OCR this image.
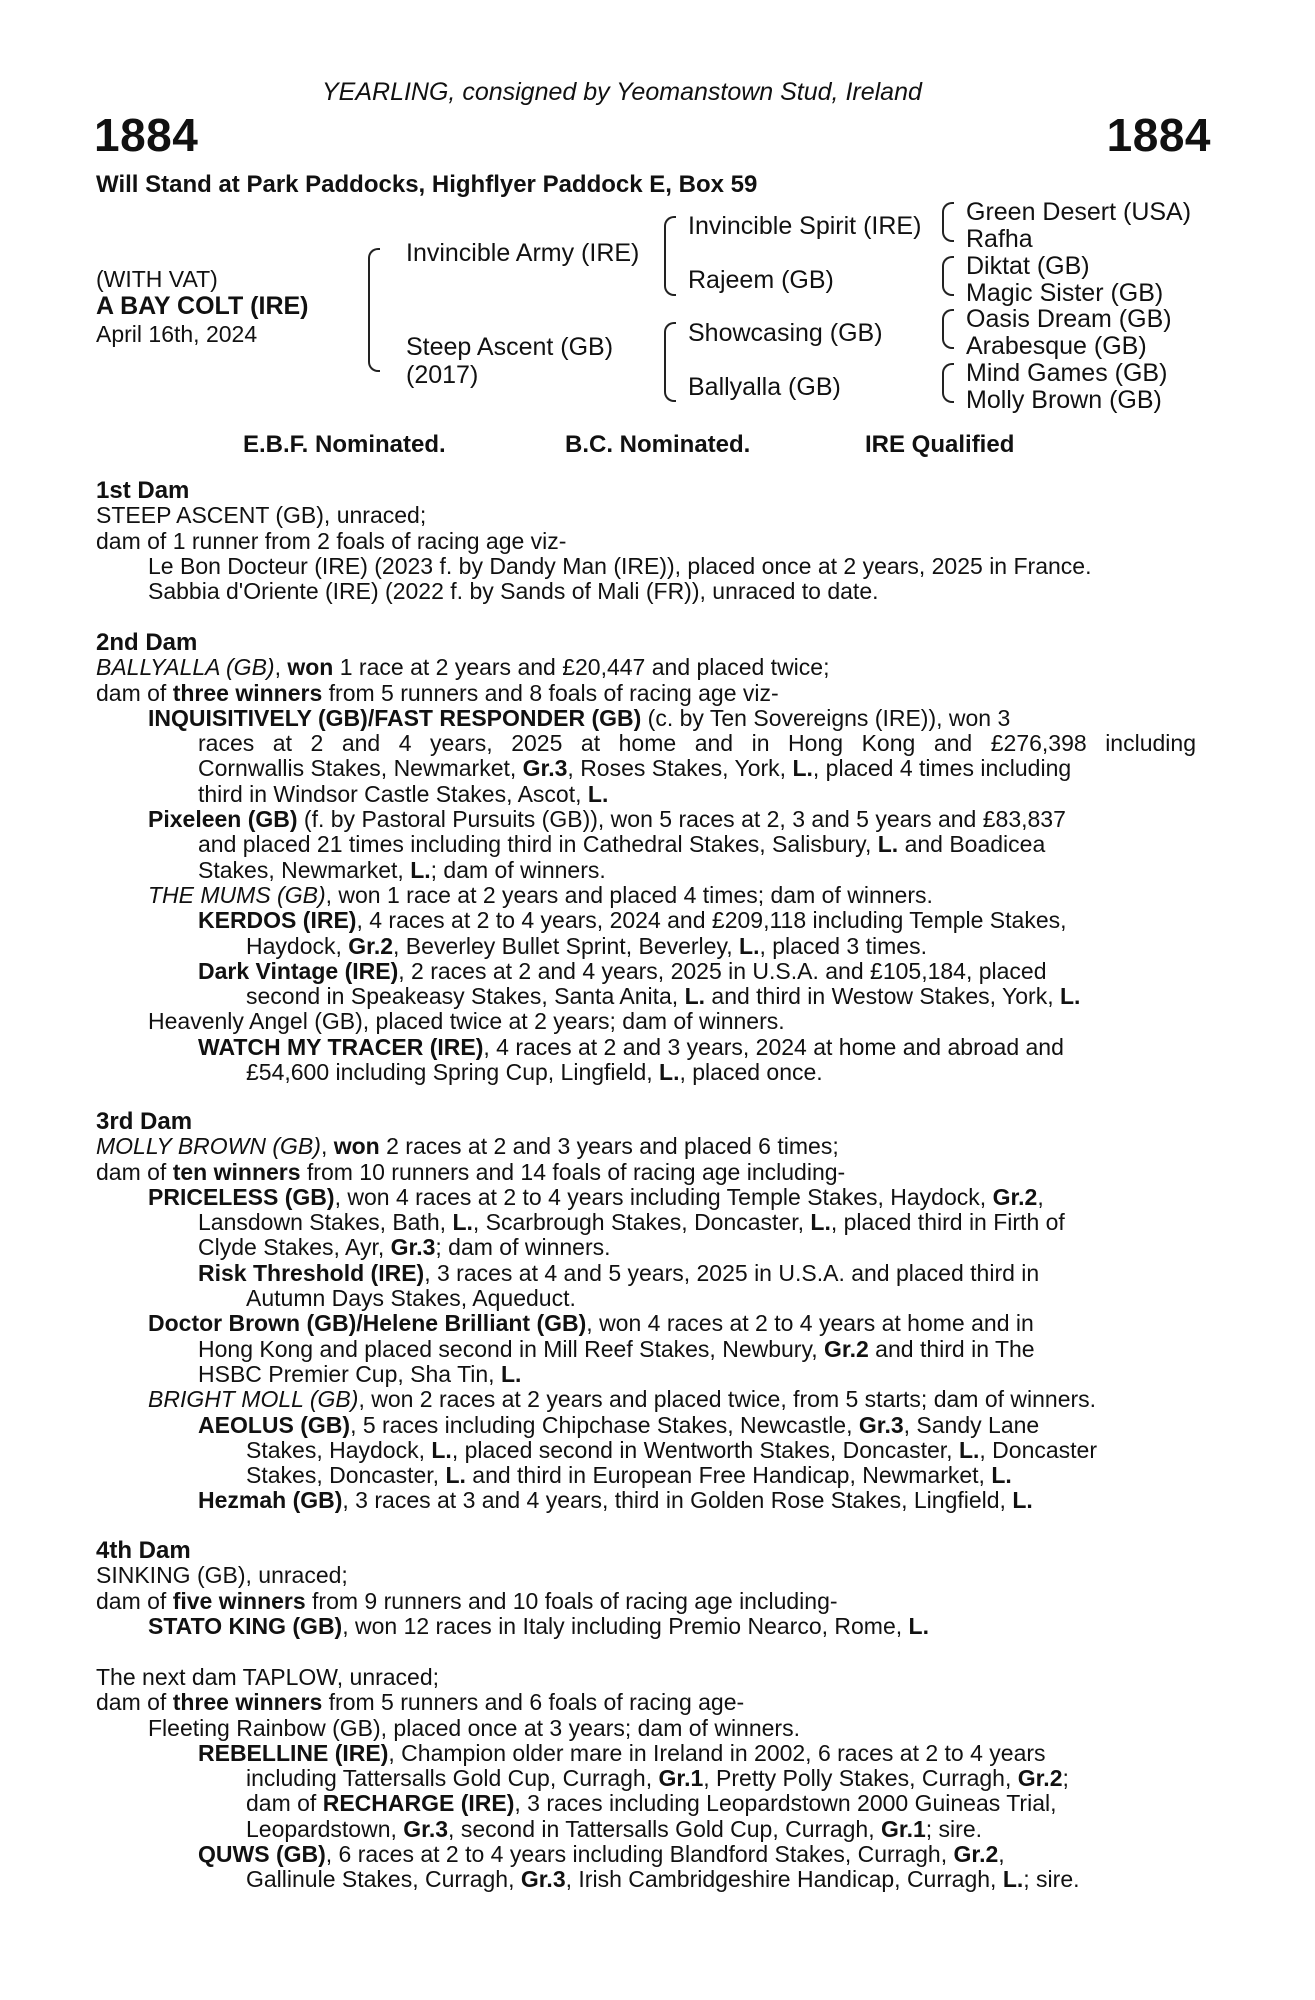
YEARLING, consigned by Yeomanstown Stud, Ireland
1884	1884
Will Stand at Park Paddocks, Highflyer Paddock E, Box 59
(WITH VAT)
A BAY COLT (IRE)
April 16th, 2024
Invincible Army (IRE)
Steep Ascent (GB)
(2017)
Invincible Spirit (IRE)
Rajeem (GB)
Showcasing (GB)
Ballyalla (GB)
Green Desert (USA)
Rafha
Diktat (GB)
Magic Sister (GB)
Oasis Dream (GB)
Arabesque (GB)
Mind Games (GB)
Molly Brown (GB)
E.B.F. Nominated.	B.C. Nominated.	IRE Qualified
1st Dam
STEEP ASCENT (GB), unraced;
dam of 1 runner from 2 foals of racing age viz-
Le Bon Docteur (IRE) (2023 f. by Dandy Man (IRE)), placed once at 2 years, 2025 in France.
Sabbia d'Oriente (IRE) (2022 f. by Sands of Mali (FR)), unraced to date.
2nd Dam
BALLYALLA (GB), won 1 race at 2 years and £20,447 and placed twice;
dam of three winners from 5 runners and 8 foals of racing age viz-
INQUISITIVELY (GB)/FAST RESPONDER (GB) (c. by Ten Sovereigns (IRE)), won 3
races at 2 and 4 years, 2025 at home and in Hong Kong and £276,398 including
Cornwallis Stakes, Newmarket, Gr.3, Roses Stakes, York, L., placed 4 times including
third in Windsor Castle Stakes, Ascot, L.
Pixeleen (GB) (f. by Pastoral Pursuits (GB)), won 5 races at 2, 3 and 5 years and £83,837
and placed 21 times including third in Cathedral Stakes, Salisbury, L. and Boadicea
Stakes, Newmarket, L.; dam of winners.
THE MUMS (GB), won 1 race at 2 years and placed 4 times; dam of winners.
KERDOS (IRE), 4 races at 2 to 4 years, 2024 and £209,118 including Temple Stakes,
Haydock, Gr.2, Beverley Bullet Sprint, Beverley, L., placed 3 times.
Dark Vintage (IRE), 2 races at 2 and 4 years, 2025 in U.S.A. and £105,184, placed
second in Speakeasy Stakes, Santa Anita, L. and third in Westow Stakes, York, L.
Heavenly Angel (GB), placed twice at 2 years; dam of winners.
WATCH MY TRACER (IRE), 4 races at 2 and 3 years, 2024 at home and abroad and
£54,600 including Spring Cup, Lingfield, L., placed once.
3rd Dam
MOLLY BROWN (GB), won 2 races at 2 and 3 years and placed 6 times;
dam of ten winners from 10 runners and 14 foals of racing age including-
PRICELESS (GB), won 4 races at 2 to 4 years including Temple Stakes, Haydock, Gr.2,
Lansdown Stakes, Bath, L., Scarbrough Stakes, Doncaster, L., placed third in Firth of
Clyde Stakes, Ayr, Gr.3; dam of winners.
Risk Threshold (IRE), 3 races at 4 and 5 years, 2025 in U.S.A. and placed third in
Autumn Days Stakes, Aqueduct.
Doctor Brown (GB)/Helene Brilliant (GB), won 4 races at 2 to 4 years at home and in
Hong Kong and placed second in Mill Reef Stakes, Newbury, Gr.2 and third in The
HSBC Premier Cup, Sha Tin, L.
BRIGHT MOLL (GB), won 2 races at 2 years and placed twice, from 5 starts; dam of winners.
AEOLUS (GB), 5 races including Chipchase Stakes, Newcastle, Gr.3, Sandy Lane
Stakes, Haydock, L., placed second in Wentworth Stakes, Doncaster, L., Doncaster
Stakes, Doncaster, L. and third in European Free Handicap, Newmarket, L.
Hezmah (GB), 3 races at 3 and 4 years, third in Golden Rose Stakes, Lingfield, L.
4th Dam
SINKING (GB), unraced;
dam of five winners from 9 runners and 10 foals of racing age including-
STATO KING (GB), won 12 races in Italy including Premio Nearco, Rome, L.
The next dam TAPLOW, unraced;
dam of three winners from 5 runners and 6 foals of racing age-
Fleeting Rainbow (GB), placed once at 3 years; dam of winners.
REBELLINE (IRE), Champion older mare in Ireland in 2002, 6 races at 2 to 4 years
including Tattersalls Gold Cup, Curragh, Gr.1, Pretty Polly Stakes, Curragh, Gr.2;
dam of RECHARGE (IRE), 3 races including Leopardstown 2000 Guineas Trial,
Leopardstown, Gr.3, second in Tattersalls Gold Cup, Curragh, Gr.1; sire.
QUWS (GB), 6 races at 2 to 4 years including Blandford Stakes, Curragh, Gr.2,
Gallinule Stakes, Curragh, Gr.3, Irish Cambridgeshire Handicap, Curragh, L.; sire.
